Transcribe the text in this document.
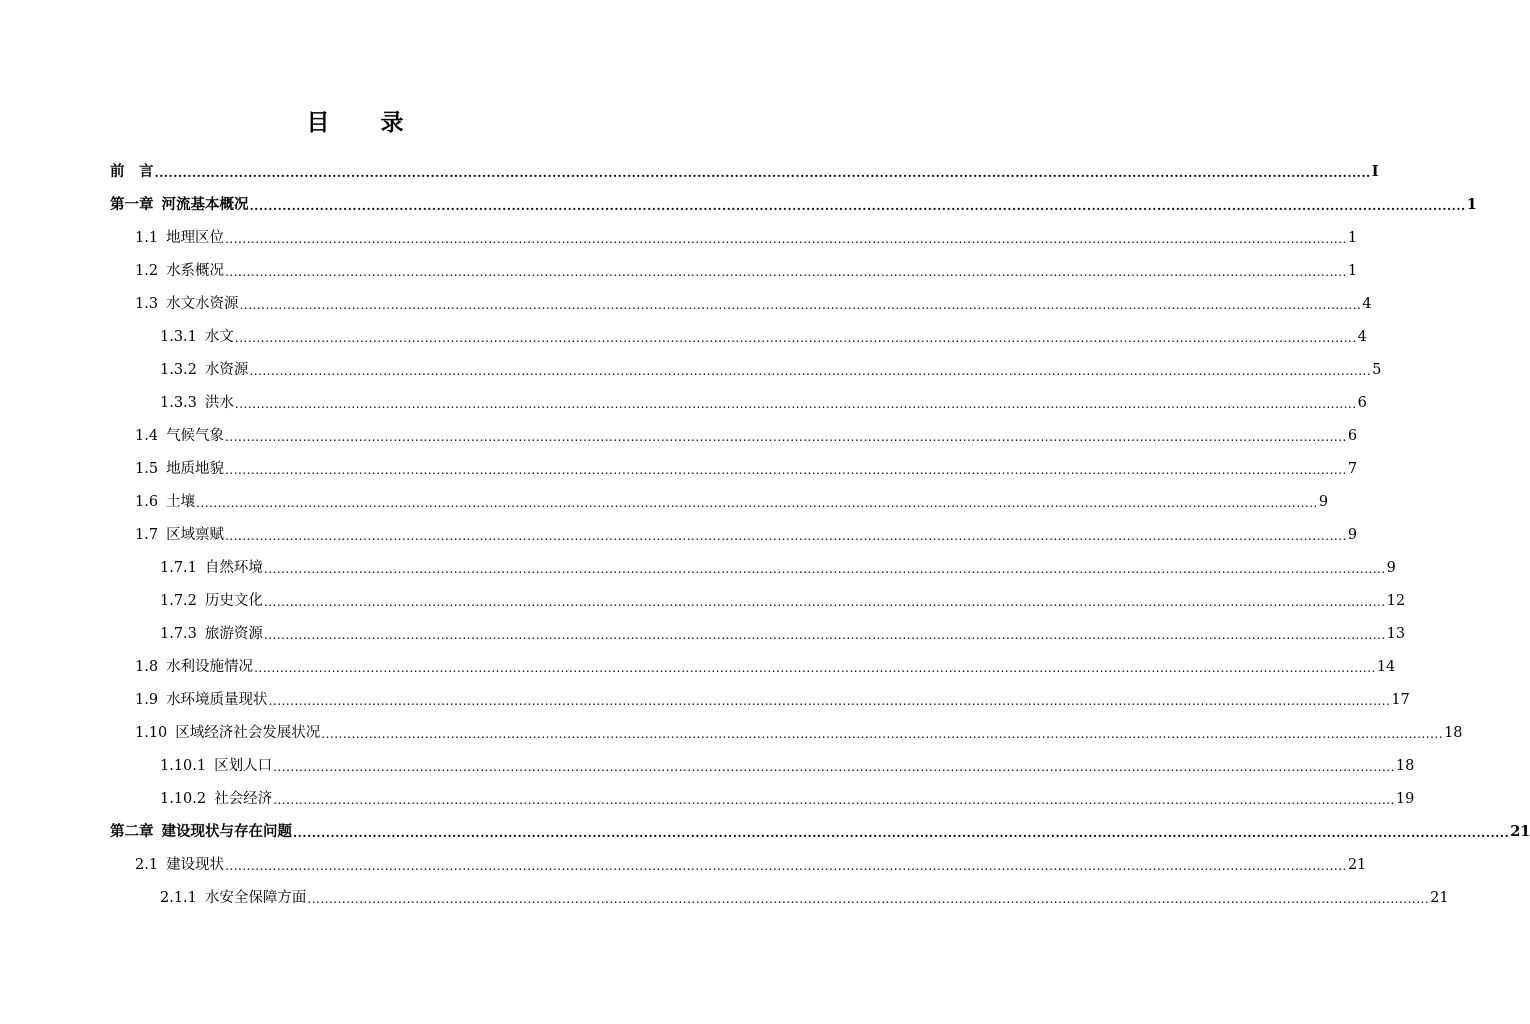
目　录
前　言 .................................................................................................................................................................................................................................................................... I
第一章 河流基本概况 .................................................................................................................................................................................................................................................................... 1
1.1 地理区位 .................................................................................................................................................................................................................................................................... 1
1.2 水系概况 .................................................................................................................................................................................................................................................................... 1
1.3 水文水资源 .................................................................................................................................................................................................................................................................... 4
1.3.1 水文 .................................................................................................................................................................................................................................................................... 4
1.3.2 水资源 .................................................................................................................................................................................................................................................................... 5
1.3.3 洪水 .................................................................................................................................................................................................................................................................... 6
1.4 气候气象 .................................................................................................................................................................................................................................................................... 6
1.5 地质地貌 .................................................................................................................................................................................................................................................................... 7
1.6 土壤 .................................................................................................................................................................................................................................................................... 9
1.7 区域禀赋 .................................................................................................................................................................................................................................................................... 9
1.7.1 自然环境 .................................................................................................................................................................................................................................................................... 9
1.7.2 历史文化 .................................................................................................................................................................................................................................................................... 12
1.7.3 旅游资源 .................................................................................................................................................................................................................................................................... 13
1.8 水利设施情况 .................................................................................................................................................................................................................................................................... 14
1.9 水环境质量现状 .................................................................................................................................................................................................................................................................... 17
1.10 区域经济社会发展状况 .................................................................................................................................................................................................................................................................... 18
1.10.1 区划人口 .................................................................................................................................................................................................................................................................... 18
1.10.2 社会经济 .................................................................................................................................................................................................................................................................... 19
第二章 建设现状与存在问题 .................................................................................................................................................................................................................................................................... 21
2.1 建设现状 .................................................................................................................................................................................................................................................................... 21
2.1.1 水安全保障方面 .................................................................................................................................................................................................................................................................... 21
